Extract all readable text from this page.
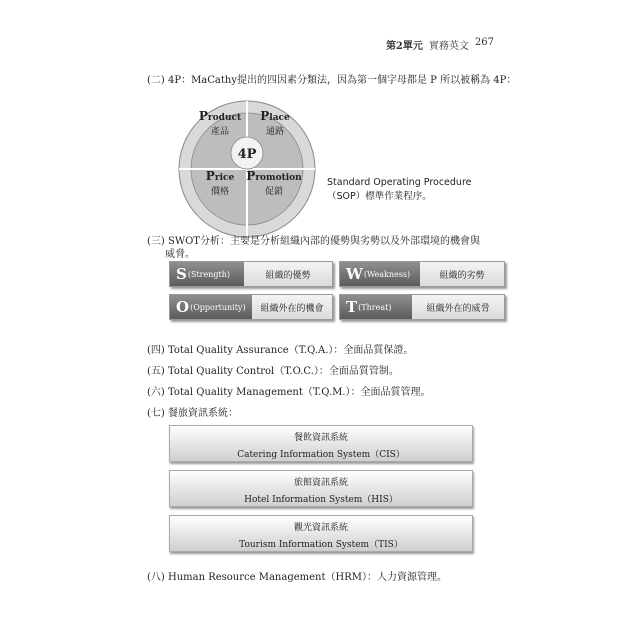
第2單元 實務英文 267
(二) 4P：MaCathy提出的四因素分類法，因為第一個字母都是 P 所以被稱為 4P：
4P
Product
產品
Place
通路
Price
價格
Promotion
促銷
Standard Operating Procedure
（SOP）標準作業程序。
(三) SWOT分析：主要是分析組織內部的優勢與劣勢以及外部環境的機會與
威脅。
S (Strength)	組織的優勢	W (Weakness)	組織的劣勢
O (Opportunity)	組織外在的機會	T (Threat)	組織外在的威脅
(四) Total Quality Assurance（T.Q.A.）：全面品質保證。
(五) Total Quality Control（T.O.C.）：全面品質管制。
(六) Total Quality Management（T.Q.M.）：全面品質管理。
(七) 餐旅資訊系統：
餐飲資訊系統
Catering Information System（CIS）
旅館資訊系統
Hotel Information System（HIS）
觀光資訊系統
Tourism Information System（TIS）
(八) Human Resource Management（HRM）：人力資源管理。
